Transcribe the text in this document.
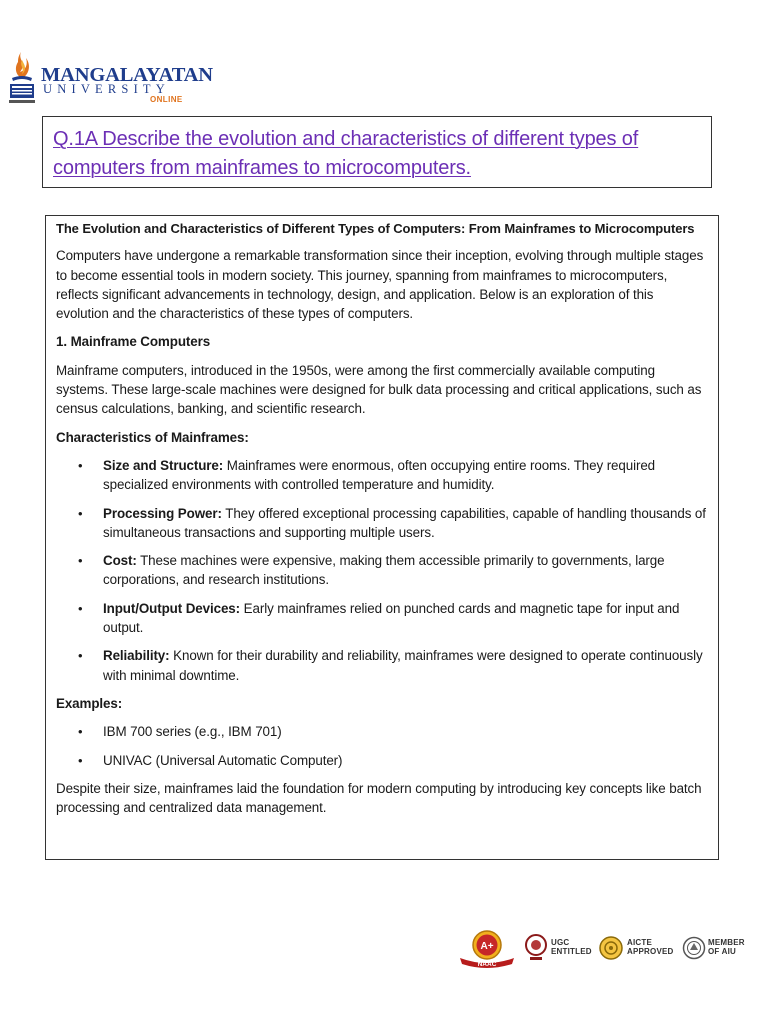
MANGALAYATAN
UNIVERSITY
ONLINE
Q.1A Describe the evolution and characteristics of different types of computers from mainframes to microcomputers.

The Evolution and Characteristics of Different Types of Computers: From Mainframes to Microcomputers

Computers have undergone a remarkable transformation since their inception, evolving through multiple stages to become essential tools in modern society. This journey, spanning from mainframes to microcomputers, reflects significant advancements in technology, design, and application. Below is an exploration of this evolution and the characteristics of these types of computers.

1. Mainframe Computers

Mainframe computers, introduced in the 1950s, were among the first commercially available computing systems. These large-scale machines were designed for bulk data processing and critical applications, such as census calculations, banking, and scientific research.

Characteristics of Mainframes:

• Size and Structure: Mainframes were enormous, often occupying entire rooms. They required specialized environments with controlled temperature and humidity.
• Processing Power: They offered exceptional processing capabilities, capable of handling thousands of simultaneous transactions and supporting multiple users.
• Cost: These machines were expensive, making them accessible primarily to governments, large corporations, and research institutions.
• Input/Output Devices: Early mainframes relied on punched cards and magnetic tape for input and output.
• Reliability: Known for their durability and reliability, mainframes were designed to operate continuously with minimal downtime.

Examples:

• IBM 700 series (e.g., IBM 701)
• UNIVAC (Universal Automatic Computer)

Despite their size, mainframes laid the foundation for modern computing by introducing key concepts like batch processing and centralized data management.

A+
NAAC
UGC
ENTITLED
AICTE
APPROVED
MEMBER
OF AIU
